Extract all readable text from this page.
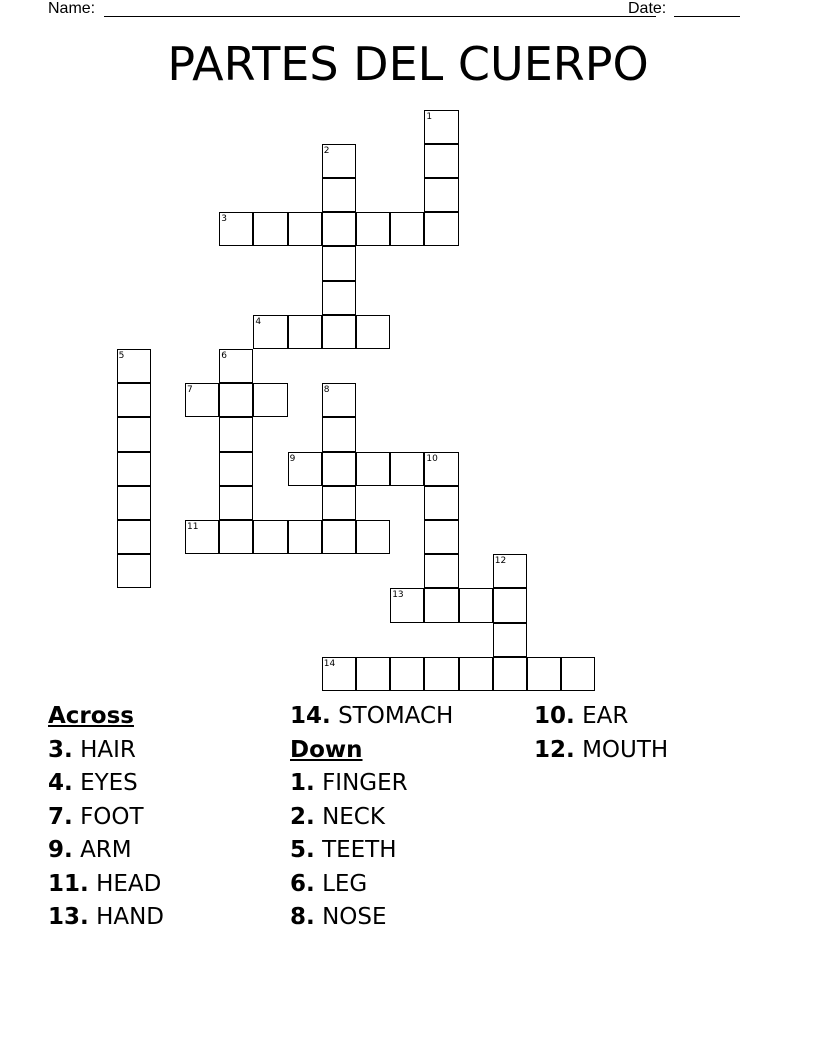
Name:	Date:
PARTES DEL CUERPO
1
2
3
4
5	6
7	8
9	10
11
12
13
14
Across
3. HAIR
4. EYES
7. FOOT
9. ARM
11. HEAD
13. HAND
14. STOMACH
Down
1. FINGER
2. NECK
5. TEETH
6. LEG
8. NOSE
10. EAR
12. MOUTH
